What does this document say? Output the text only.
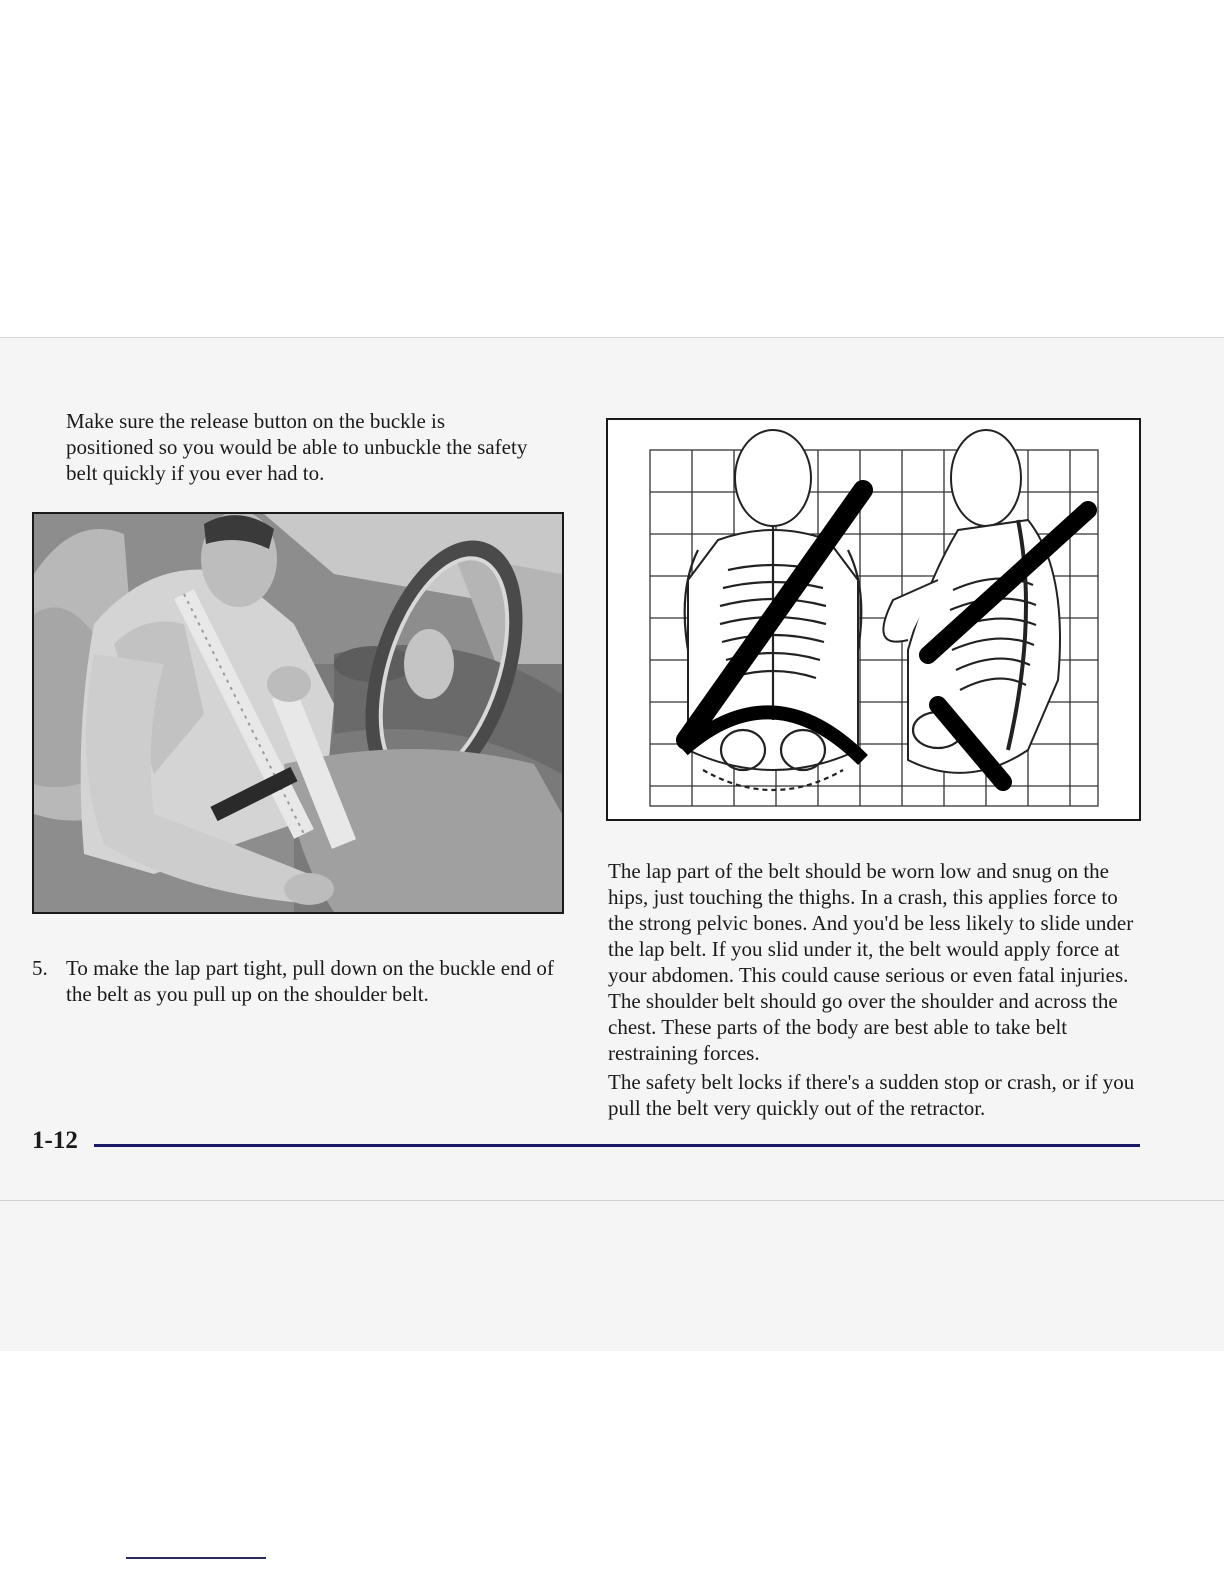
Make sure the release button on the buckle is positioned so you would be able to unbuckle the safety belt quickly if you ever had to.

5. To make the lap part tight, pull down on the buckle end of the belt as you pull up on the shoulder belt.

The lap part of the belt should be worn low and snug on the hips, just touching the thighs. In a crash, this applies force to the strong pelvic bones. And you'd be less likely to slide under the lap belt. If you slid under it, the belt would apply force at your abdomen. This could cause serious or even fatal injuries. The shoulder belt should go over the shoulder and across the chest. These parts of the body are best able to take belt restraining forces.

The safety belt locks if there's a sudden stop or crash, or if you pull the belt very quickly out of the retractor.

1-12
